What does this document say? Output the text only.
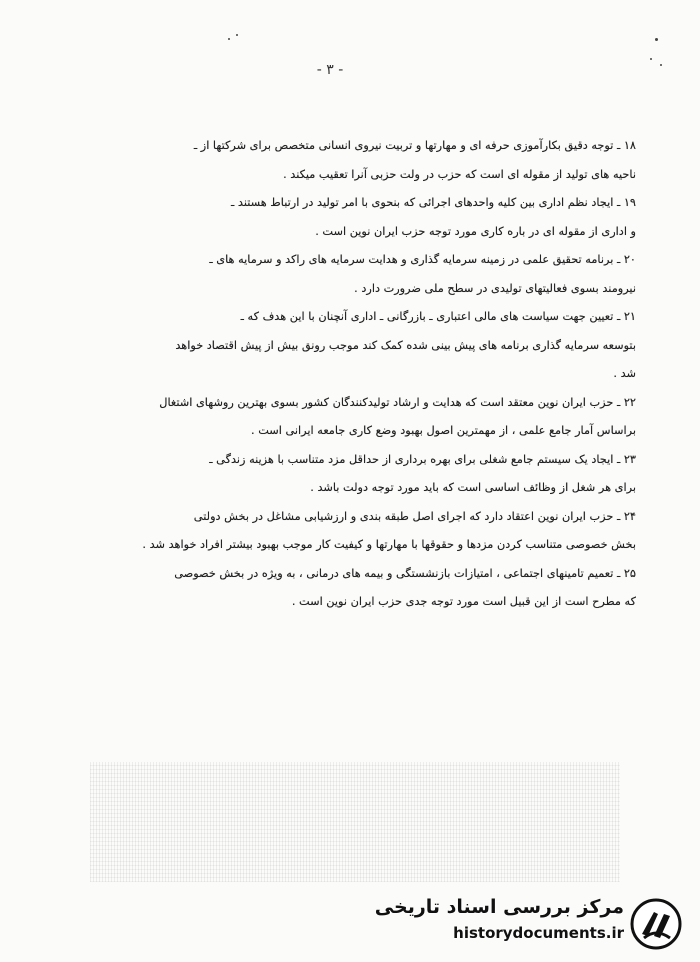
- ٣ -
۱۸ ـ توجه دقیق بکارآموزی حرفه ای و مهارتها و تربیت نیروی انسانی متخصص برای شرکتها از ـ
ناحیه های تولید از مقوله ای است که حزب در ولت حزبی آنرا تعقیب میکند .
۱۹ ـ ایجاد نظم اداری بین کلیه واحدهای اجرائی که بنحوی با امر تولید در ارتباط هستند ـ
و اداری از مقوله ای در باره کاری مورد توجه حزب ایران نوین است .
۲۰ ـ برنامه تحقیق علمی در زمینه سرمایه گذاری و هدایت سرمایه های راکد و سرمایه های ـ
نیرومند بسوی فعالیتهای تولیدی در سطح ملی ضرورت دارد .
۲۱ ـ تعیین جهت سیاست های مالی اعتباری ـ بازرگانی ـ اداری آنچنان با این هدف که ـ
بتوسعه سرمایه گذاری برنامه های پیش بینی شده کمک کند موجب رونق بیش از پیش اقتصاد خواهد
شد .
۲۲ ـ حزب ایران نوین معتقد است که هدایت و ارشاد تولیدکنندگان کشور بسوی بهترین روشهای اشتغال
براساس آمار جامع علمی ، از مهمترین اصول بهبود وضع کاری جامعه ایرانی است .
۲۳ ـ ایجاد یک سیستم جامع شغلی برای بهره برداری از حداقل مزد متناسب با هزینه زندگی ـ
برای هر شغل از وظائف اساسی است که باید مورد توجه دولت باشد .
۲۴ ـ حزب ایران نوین اعتقاد دارد که اجرای اصل طبقه بندی و ارزشیابی مشاغل در بخش دولتی
بخش خصوصی متناسب کردن مزدها و حقوقها با مهارتها و کیفیت کار موجب بهبود بیشتر افراد خواهد شد .
۲۵ ـ تعمیم تامینهای اجتماعی ، امتیازات بازنشستگی و بیمه های درمانی ، به ویژه در بخش خصوصی
که مطرح است از این قبیل است مورد توجه جدی حزب ایران نوین است .
مرکز بررسی اسناد تاریخی
historydocuments.ir
